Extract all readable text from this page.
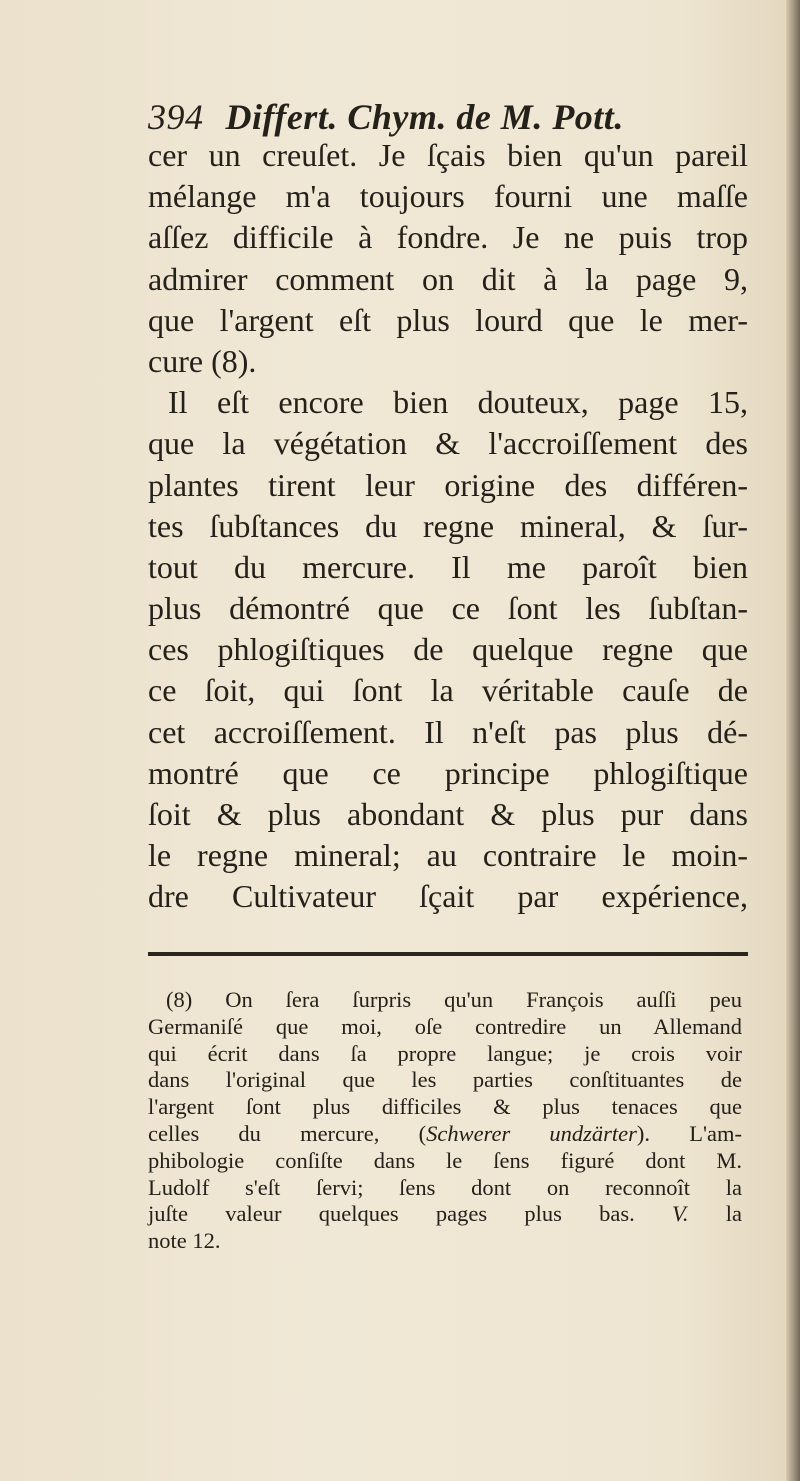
394 Differt. Chym. de M. Pott.
cer un creuſet. Je ſçais bien qu'un pareil
mélange m'a toujours fourni une maſſe
aſſez difficile à fondre. Je ne puis trop
admirer comment on dit à la page 9,
que l'argent eſt plus lourd que le mer-
cure (8).
Il eſt encore bien douteux, page 15,
que la végétation & l'accroiſſement des
plantes tirent leur origine des différen-
tes ſubſtances du regne mineral, & ſur-
tout du mercure. Il me paroît bien
plus démontré que ce ſont les ſubſtan-
ces phlogiſtiques de quelque regne que
ce ſoit, qui ſont la véritable cauſe de
cet accroiſſement. Il n'eſt pas plus dé-
montré que ce principe phlogiſtique
ſoit & plus abondant & plus pur dans
le regne mineral; au contraire le moin-
dre Cultivateur ſçait par expérience,
(8) On ſera ſurpris qu'un François auſſi peu
Germaniſé que moi, oſe contredire un Allemand
qui écrit dans ſa propre langue; je crois voir
dans l'original que les parties conſtituantes de
l'argent ſont plus difficiles & plus tenaces que
celles du mercure, (Schwerer undzärter). L'am-
phibologie conſiſte dans le ſens figuré dont M.
Ludolf s'eſt ſervi; ſens dont on reconnoît la
juſte valeur quelques pages plus bas. V. la
note 12.
